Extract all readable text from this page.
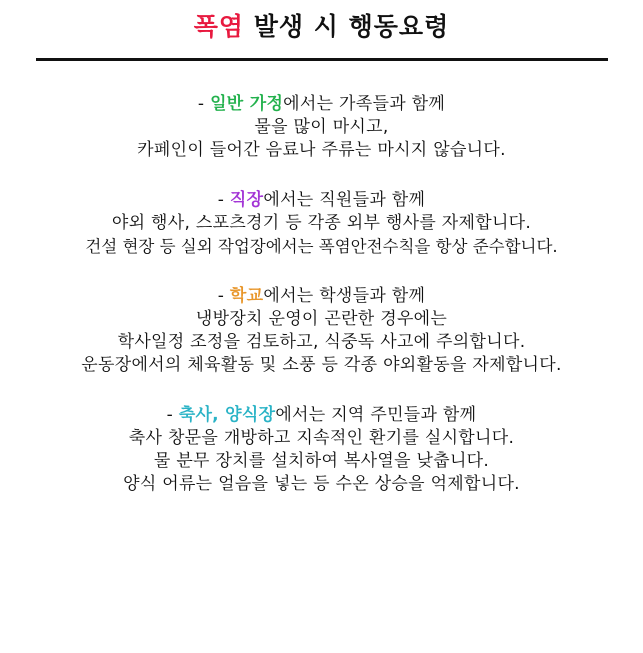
폭염 발생 시 행동요령
- 일반 가정에서는 가족들과 함께
물을 많이 마시고,
카페인이 들어간 음료나 주류는 마시지 않습니다.
- 직장에서는 직원들과 함께
야외 행사, 스포츠경기 등 각종 외부 행사를 자제합니다.
건설 현장 등 실외 작업장에서는 폭염안전수칙을 항상 준수합니다.
- 학교에서는 학생들과 함께
냉방장치 운영이 곤란한 경우에는
학사일정 조정을 검토하고, 식중독 사고에 주의합니다.
운동장에서의 체육활동 및 소풍 등 각종 야외활동을 자제합니다.
- 축사, 양식장에서는 지역 주민들과 함께
축사 창문을 개방하고 지속적인 환기를 실시합니다.
물 분무 장치를 설치하여 복사열을 낮춥니다.
양식 어류는 얼음을 넣는 등 수온 상승을 억제합니다.
